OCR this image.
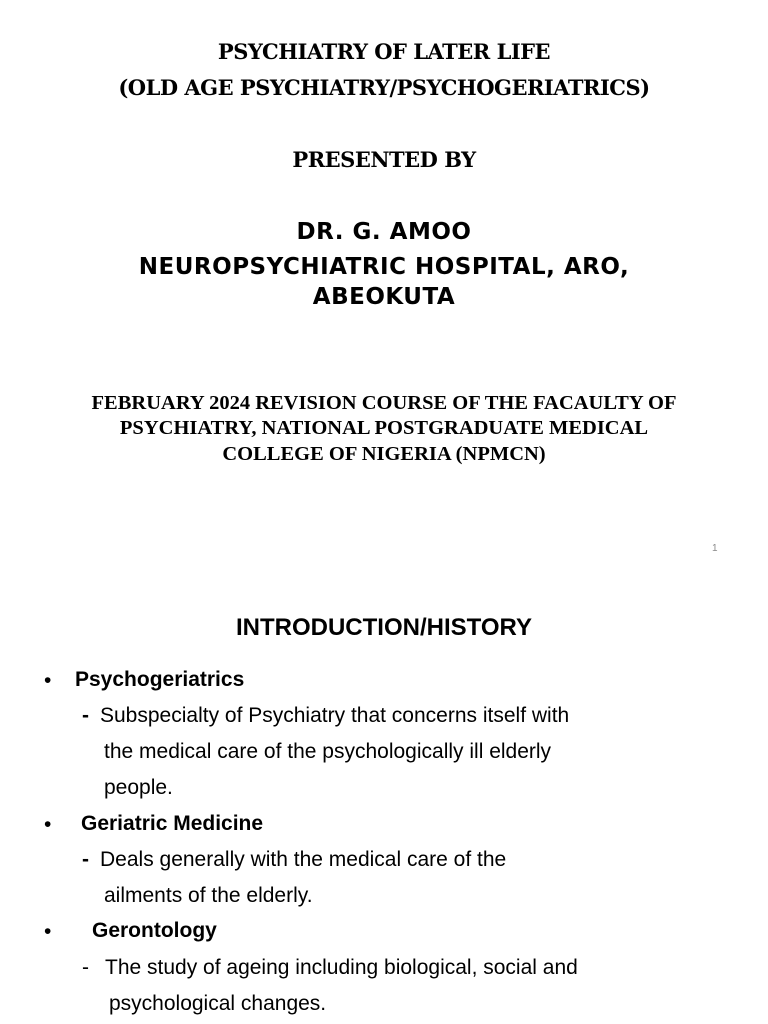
PSYCHIATRY OF LATER LIFE
(OLD AGE PSYCHIATRY/PSYCHOGERIATRICS)
PRESENTED BY
DR. G. AMOO
NEUROPSYCHIATRIC HOSPITAL, ARO,
ABEOKUTA
FEBRUARY 2024 REVISION COURSE OF THE FACAULTY OF
PSYCHIATRY, NATIONAL POSTGRADUATE MEDICAL
COLLEGE OF NIGERIA (NPMCN)
1
INTRODUCTION/HISTORY
• Psychogeriatrics
- Subspecialty of Psychiatry that concerns itself with
the medical care of the psychologically ill elderly
people.
• Geriatric Medicine
- Deals generally with the medical care of the
ailments of the elderly.
• Gerontology
- The study of ageing including biological, social and
psychological changes.
